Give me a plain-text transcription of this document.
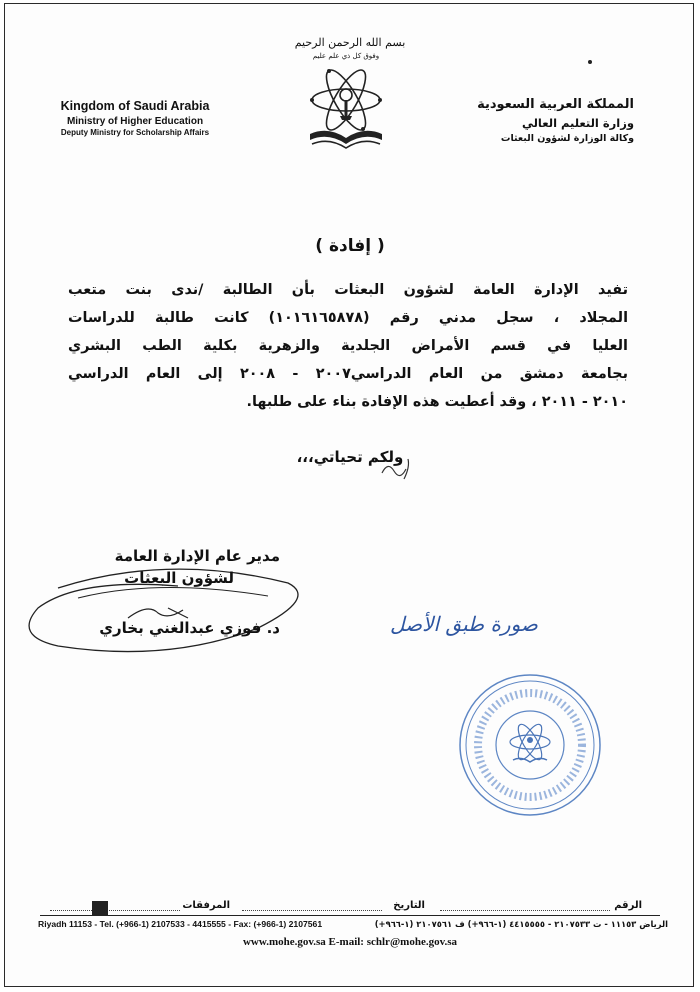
بسم الله الرحمن الرحيم
وفوق كل ذي علم عليم
Kingdom of Saudi Arabia
Ministry of Higher Education
Deputy Ministry for Scholarship Affairs
المملكة العربية السعودية
وزارة التعليم العالي
وكالة الوزارة لشؤون البعثات
( إفادة )
تفيد الإدارة العامة لشؤون البعثات بأن الطالبة /ندى بنت متعب
المجلاد ، سجل مدني رقم (١٠١٦١٦٥٨٧٨) كانت طالبة للدراسات
العليا في قسم الأمراض الجلدية والزهرية بكلية الطب البشري
بجامعة دمشق من العام الدراسي٢٠٠٧ - ٢٠٠٨ إلى العام الدراسي
٢٠١٠ - ٢٠١١ ، وقد أعطيت هذه الإفادة بناء على طلبها.
ولكم تحياتي،،،
مدير عام الإدارة العامة
لشؤون البعثات
د. فوزي عبدالغني بخاري	صورة طبق الأصل
الرقم
التاريخ
المرفقات
Riyadh 11153 - Tel. (+966-1) 2107533 - 4415555 - Fax: (+966-1) 2107561	الرياض ١١١٥٣ - ت ٢١٠٧٥٣٣ - ٤٤١٥٥٥٥ (١-٩٦٦+) ف ٢١٠٧٥٦١ (١-٩٦٦+)
www.mohe.gov.sa E-mail: schlr@mohe.gov.sa
